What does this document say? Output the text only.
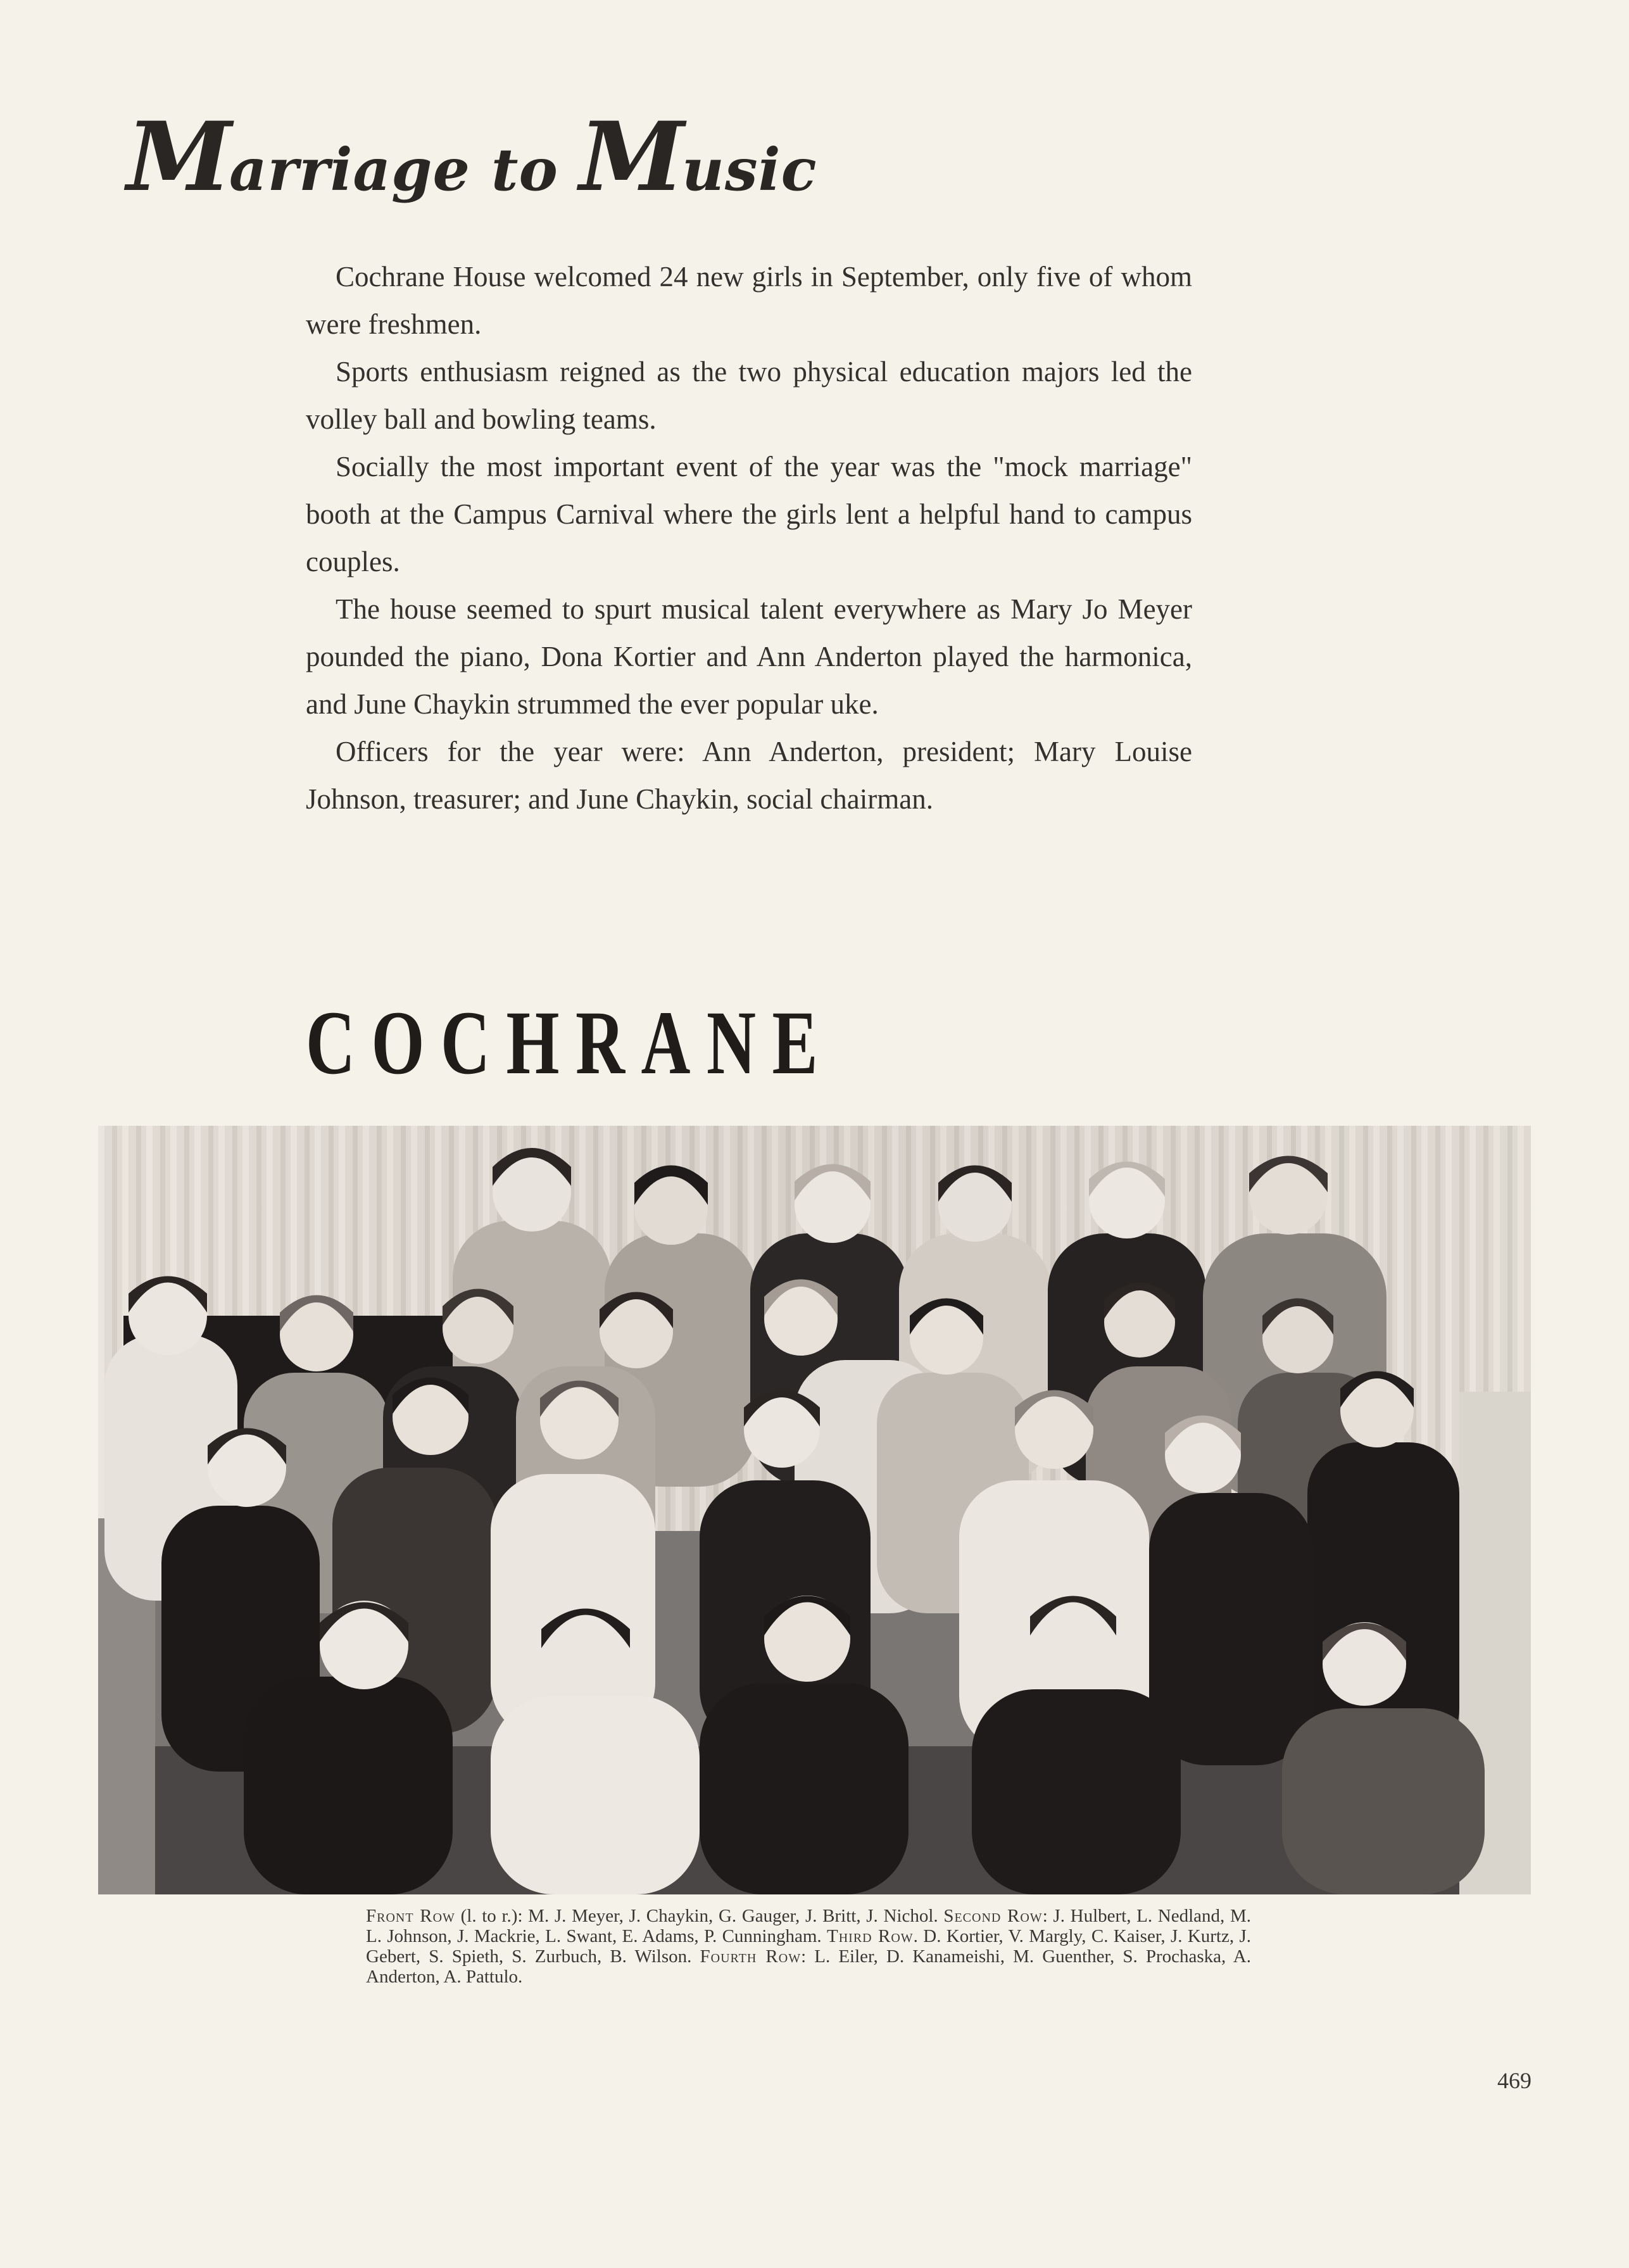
Marriage to Music

Cochrane House welcomed 24 new girls in September, only five of whom were freshmen.

Sports enthusiasm reigned as the two physical education majors led the volley ball and bowling teams.

Socially the most important event of the year was the "mock marriage" booth at the Campus Carnival where the girls lent a helpful hand to campus couples.

The house seemed to spurt musical talent everywhere as Mary Jo Meyer pounded the piano, Dona Kortier and Ann Anderton played the harmonica, and June Chaykin strummed the ever popular uke.

Officers for the year were: Ann Anderton, president; Mary Louise Johnson, treasurer; and June Chaykin, social chairman.

COCHRANE
Front Row (l. to r.): M. J. Meyer, J. Chaykin, G. Gauger, J. Britt, J. Nichol. Second Row: J. Hulbert, L. Nedland, M. L. Johnson, J. Mackrie, L. Swant, E. Adams, P. Cunningham. Third Row. D. Kortier, V. Margly, C. Kaiser, J. Kurtz, J. Gebert, S. Spieth, S. Zurbuch, B. Wilson. Fourth Row: L. Eiler, D. Kanameishi, M. Guenther, S. Prochaska, A. Anderton, A. Pattulo.
469
